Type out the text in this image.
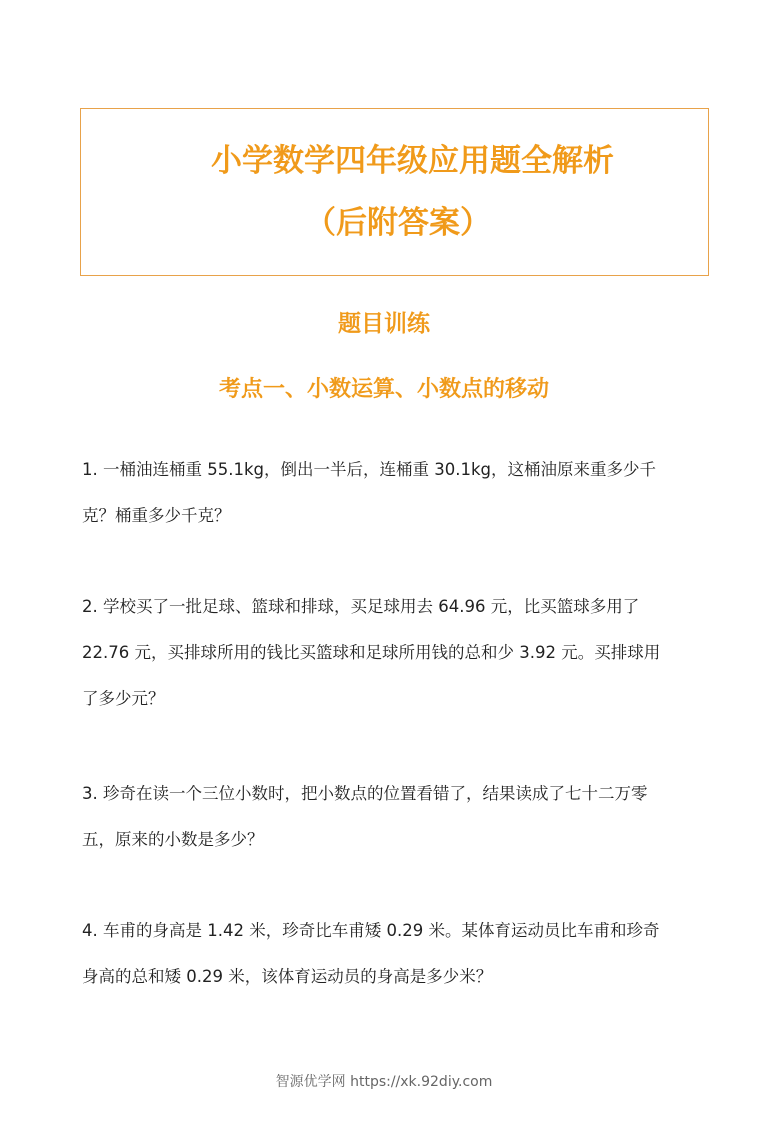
小学数学四年级应用题全解析
（后附答案）
题目训练
考点一、小数运算、小数点的移动

1. 一桶油连桶重 55.1kg，倒出一半后，连桶重 30.1kg，这桶油原来重多少千

克？桶重多少千克？

2. 学校买了一批足球、篮球和排球，买足球用去 64.96 元，比买篮球多用了

22.76 元，买排球所用的钱比买篮球和足球所用钱的总和少 3.92 元。买排球用

了多少元？

3. 珍奇在读一个三位小数时，把小数点的位置看错了，结果读成了七十二万零

五，原来的小数是多少？

4. 车甫的身高是 1.42 米，珍奇比车甫矮 0.29 米。某体育运动员比车甫和珍奇

身高的总和矮 0.29 米，该体育运动员的身高是多少米？

智源优学网 https://xk.92diy.com
